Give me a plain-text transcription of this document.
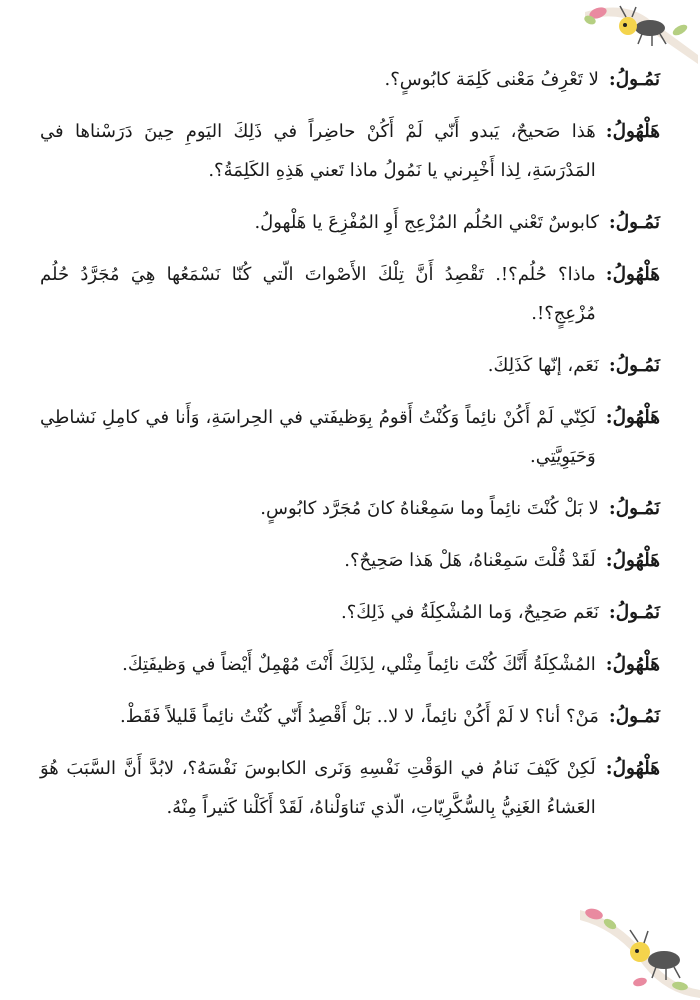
نَمُـولُ:
لا تَعْرِفُ مَعْنى كَلِمَة كابُوسٍ؟.
هَلْهُولُ:
هَذا صَحيحٌ، يَبدو أَنّي لَمْ أَكُنْ حاضِراً في ذَلِكَ اليَومِ حِينَ دَرَسْناها في المَدْرَسَةِ، لِذا أَخْبِرني يا نَمُولُ ماذا تَعني هَذِهِ الكَلِمَةُ؟.
نَمُـولُ:
كابوسٌ تَعْني الحُلُم المُزْعِج أَوِ المُفْزِعَ يا هَلْهولُ.
هَلْهُولُ:
ماذا؟ حُلُم؟!. تَقْصِدُ أَنَّ تِلْكَ الأَصْواتَ الّتي كُنّا نَسْمَعُها هِيَ مُجَرَّدُ حُلُم مُزْعِجٍ؟!.
نَمُـولُ:
نَعَم، إنّها كَذَلِكَ.
هَلْهُولُ:
لَكِنّي لَمْ أَكُنْ نائِماً وَكُنْتُ أَقومُ بِوَظيفَتي في الحِراسَةِ، وَأَنا في كامِلِ نَشاطِي وَحَيَوِيَّتِي.
نَمُـولُ:
لا بَلْ كُنْتَ نائِماً وما سَمِعْناهُ كانَ مُجَرَّد كابُوسٍ.
هَلْهُولُ:
لَقَدْ قُلْتَ سَمِعْناهُ، هَلْ هَذا صَحِيحٌ؟.
نَمُـولُ:
نَعَم صَحِيحٌ، وَما المُشْكِلَةُ في ذَلِكَ؟.
هَلْهُولُ:
المُشْكِلَةُ أَنَّكَ كُنْتَ نائِماً مِثْلي، لِذَلِكَ أَنْتَ مُهْمِلٌ أَيْضاً في وَظيفَتِكَ.
نَمُـولُ:
مَنْ؟ أنا؟ لا لَمْ أَكُنْ نائِماً، لا لا.. بَلْ أَقْصِدُ أَنّي كُنْتُ نائِماً قَليلاً فَقَطْ.
هَلْهُولُ:
لَكِنْ كَيْفَ نَنامُ في الوَقْتِ نَفْسِهِ وَنَرى الكابوسَ نَفْسَهُ؟، لابُدَّ أَنَّ السَّبَبَ هُوَ العَشاءُ الغَنِيُّ بِالسُّكَّرِيّاتِ، الّذي تَناوَلْناهُ، لَقَدْ أَكَلْنا كَثيراً مِنْهُ.
